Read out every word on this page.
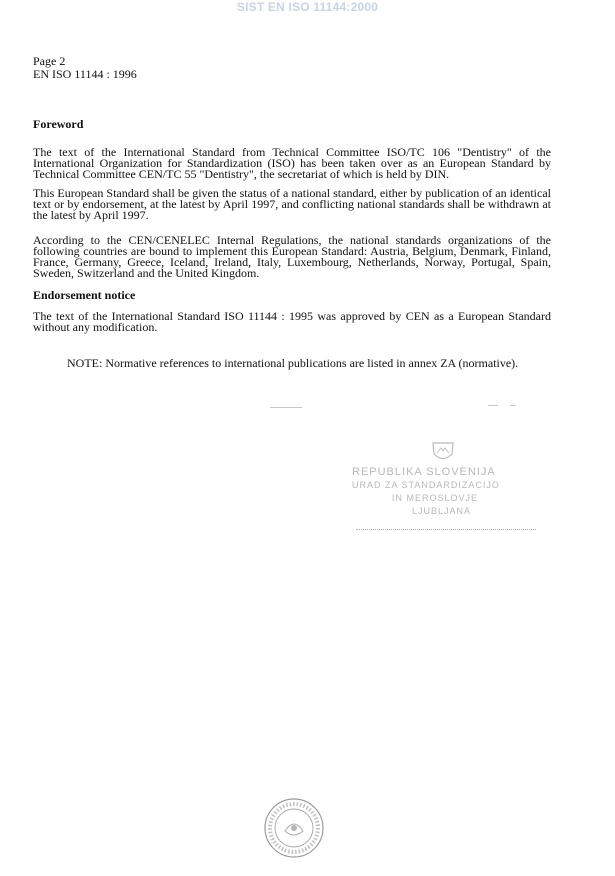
SIST EN ISO 11144:2000
Page 2
EN ISO 11144 : 1996
Foreword

The text of the International Standard from Technical Committee ISO/TC 106 "Dentistry" of the International Organization for Standardization (ISO) has been taken over as an European Standard by Technical Committee CEN/TC 55 "Dentistry", the secretariat of which is held by DIN.

This European Standard shall be given the status of a national standard, either by publication of an identical text or by endorsement, at the latest by April 1997, and conflicting national standards shall be withdrawn at the latest by April 1997.

According to the CEN/CENELEC Internal Regulations, the national standards organizations of the following countries are bound to implement this European Standard: Austria, Belgium, Denmark, Finland, France, Germany, Greece, Iceland, Ireland, Italy, Luxembourg, Netherlands, Norway, Portugal, Spain, Sweden, Switzerland and the United Kingdom.

Endorsement notice

The text of the International Standard ISO 11144 : 1995 was approved by CEN as a European Standard without any modification.

NOTE: Normative references to international publications are listed in annex ZA (normative).

REPUBLIKA SLOVENIJA
URAD ZA STANDARDIZACIJO
IN MEROSLOVJE
LJUBLJANA
